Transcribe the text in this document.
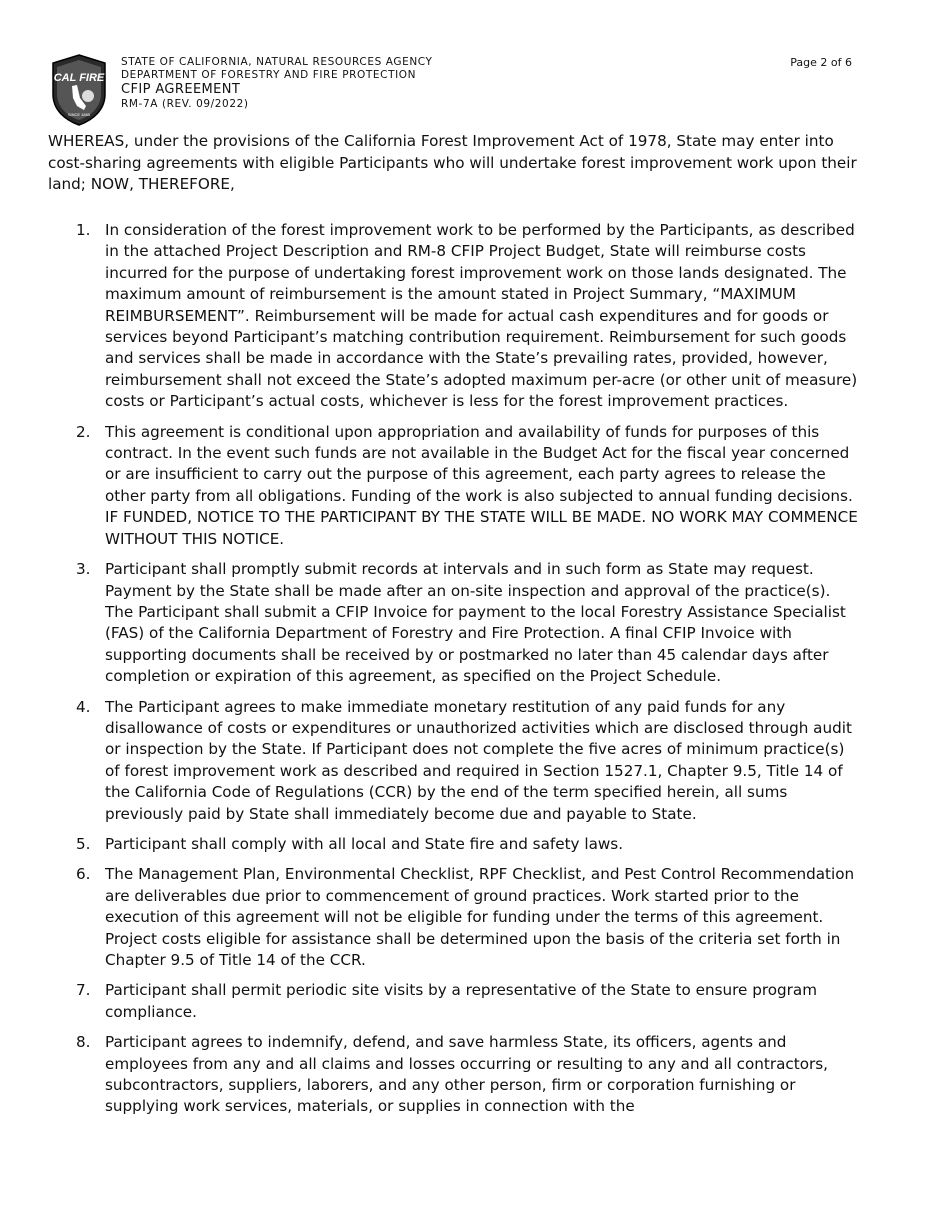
CAL FIRE
SINCE 1885
STATE OF CALIFORNIA, NATURAL RESOURCES AGENCY
DEPARTMENT OF FORESTRY AND FIRE PROTECTION
CFIP AGREEMENT
RM-7A (REV. 09/2022)
Page 2 of 6
WHEREAS, under the provisions of the California Forest Improvement Act of 1978, State may enter into cost-sharing agreements with eligible Participants who will undertake forest improvement work upon their land; NOW, THEREFORE,
1. In consideration of the forest improvement work to be performed by the Participants, as described in the attached Project Description and RM-8 CFIP Project Budget, State will reimburse costs incurred for the purpose of undertaking forest improvement work on those lands designated. The maximum amount of reimbursement is the amount stated in Project Summary, “MAXIMUM REIMBURSEMENT”. Reimbursement will be made for actual cash expenditures and for goods or services beyond Participant’s matching contribution requirement. Reimbursement for such goods and services shall be made in accordance with the State’s prevailing rates, provided, however, reimbursement shall not exceed the State’s adopted maximum per-acre (or other unit of measure) costs or Participant’s actual costs, whichever is less for the forest improvement practices.
2. This agreement is conditional upon appropriation and availability of funds for purposes of this contract. In the event such funds are not available in the Budget Act for the fiscal year concerned or are insufficient to carry out the purpose of this agreement, each party agrees to release the other party from all obligations. Funding of the work is also subjected to annual funding decisions. IF FUNDED, NOTICE TO THE PARTICIPANT BY THE STATE WILL BE MADE. NO WORK MAY COMMENCE WITHOUT THIS NOTICE.
3. Participant shall promptly submit records at intervals and in such form as State may request. Payment by the State shall be made after an on-site inspection and approval of the practice(s). The Participant shall submit a CFIP Invoice for payment to the local Forestry Assistance Specialist (FAS) of the California Department of Forestry and Fire Protection. A final CFIP Invoice with supporting documents shall be received by or postmarked no later than 45 calendar days after completion or expiration of this agreement, as specified on the Project Schedule.
4. The Participant agrees to make immediate monetary restitution of any paid funds for any disallowance of costs or expenditures or unauthorized activities which are disclosed through audit or inspection by the State. If Participant does not complete the five acres of minimum practice(s) of forest improvement work as described and required in Section 1527.1, Chapter 9.5, Title 14 of the California Code of Regulations (CCR) by the end of the term specified herein, all sums previously paid by State shall immediately become due and payable to State.
5. Participant shall comply with all local and State fire and safety laws.
6. The Management Plan, Environmental Checklist, RPF Checklist, and Pest Control Recommendation are deliverables due prior to commencement of ground practices. Work started prior to the execution of this agreement will not be eligible for funding under the terms of this agreement. Project costs eligible for assistance shall be determined upon the basis of the criteria set forth in Chapter 9.5 of Title 14 of the CCR.
7. Participant shall permit periodic site visits by a representative of the State to ensure program compliance.
8. Participant agrees to indemnify, defend, and save harmless State, its officers, agents and employees from any and all claims and losses occurring or resulting to any and all contractors, subcontractors, suppliers, laborers, and any other person, firm or corporation furnishing or supplying work services, materials, or supplies in connection with the
